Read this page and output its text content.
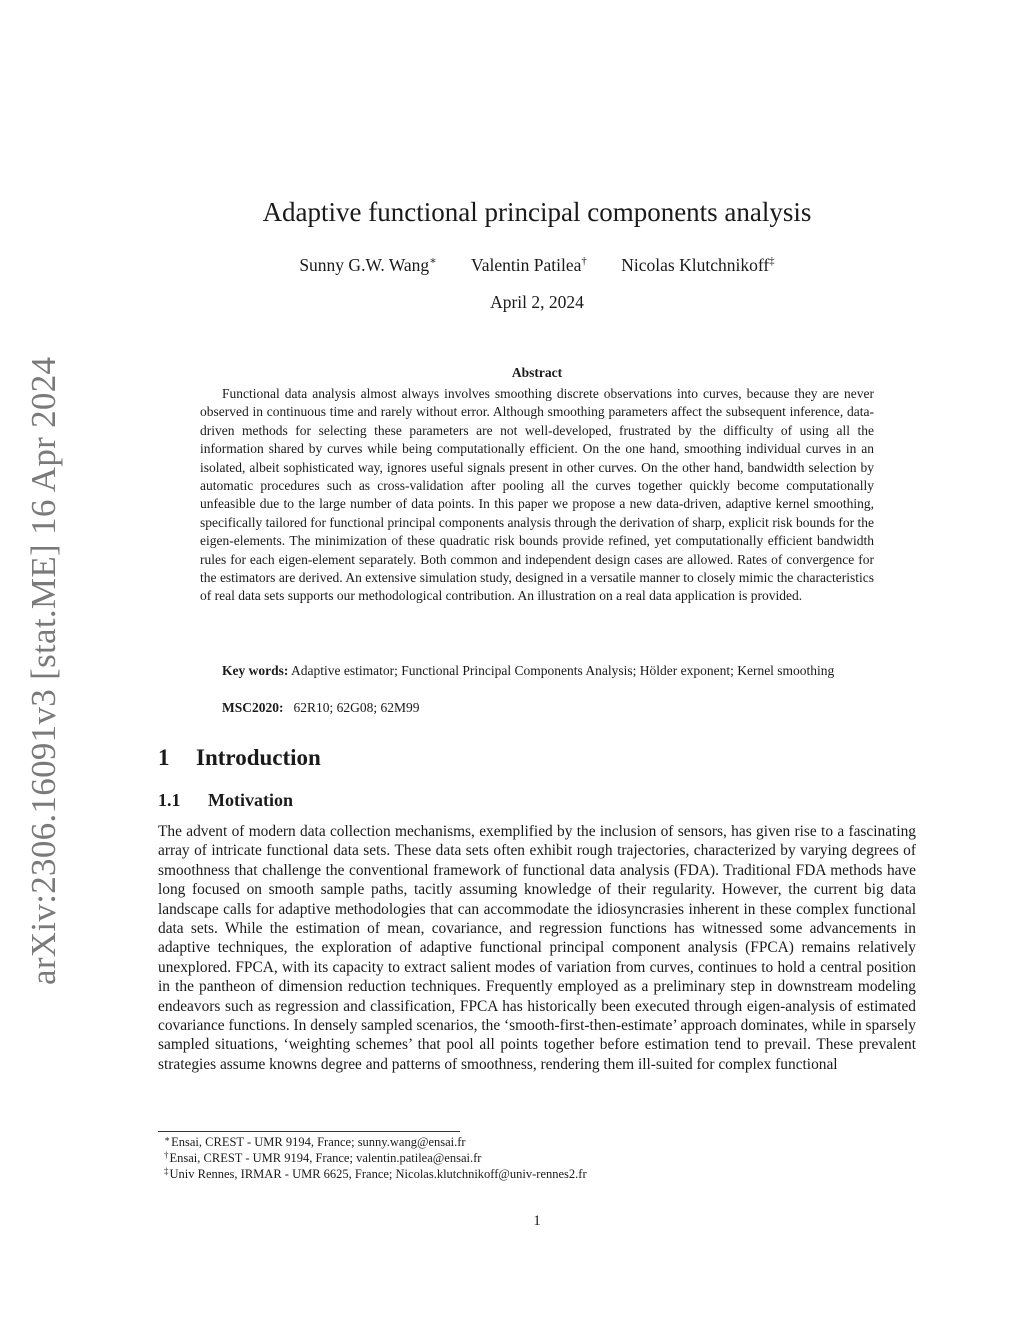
arXiv:2306.16091v3 [stat.ME] 16 Apr 2024
Adaptive functional principal components analysis
Sunny G.W. Wang∗ Valentin Patilea† Nicolas Klutchnikoff‡
April 2, 2024
Abstract

Functional data analysis almost always involves smoothing discrete observations into curves, because they are never observed in continuous time and rarely without error. Although smoothing parameters affect the subsequent inference, data-driven methods for selecting these parameters are not well-developed, frustrated by the difficulty of using all the information shared by curves while being computationally efficient. On the one hand, smoothing individual curves in an isolated, albeit sophisticated way, ignores useful signals present in other curves. On the other hand, bandwidth selection by automatic procedures such as cross-validation after pooling all the curves together quickly become computationally unfeasible due to the large number of data points. In this paper we propose a new data-driven, adaptive kernel smoothing, specifically tailored for functional principal components analysis through the derivation of sharp, explicit risk bounds for the eigen-elements. The minimization of these quadratic risk bounds provide refined, yet computationally efficient bandwidth rules for each eigen-element separately. Both common and independent design cases are allowed. Rates of convergence for the estimators are derived. An extensive simulation study, designed in a versatile manner to closely mimic the characteristics of real data sets supports our methodological contribution. An illustration on a real data application is provided.

Key words: Adaptive estimator; Functional Principal Components Analysis; Hölder exponent; Kernel smoothing

MSC2020: 62R10; 62G08; 62M99

1 Introduction
1.1 Motivation

The advent of modern data collection mechanisms, exemplified by the inclusion of sensors, has given rise to a fascinating array of intricate functional data sets. These data sets often exhibit rough trajectories, characterized by varying degrees of smoothness that challenge the conventional framework of functional data analysis (FDA). Traditional FDA methods have long focused on smooth sample paths, tacitly assuming knowledge of their regularity. However, the current big data landscape calls for adaptive methodologies that can accommodate the idiosyncrasies inherent in these complex functional data sets. While the estimation of mean, covariance, and regression functions has witnessed some advancements in adaptive techniques, the exploration of adaptive functional principal component analysis (FPCA) remains relatively unexplored. FPCA, with its capacity to extract salient modes of variation from curves, continues to hold a central position in the pantheon of dimension reduction techniques. Frequently employed as a preliminary step in downstream modeling endeavors such as regression and classification, FPCA has historically been executed through eigen-analysis of estimated covariance functions. In densely sampled scenarios, the ‘smooth-first-then-estimate’ approach dominates, while in sparsely sampled situations, ‘weighting schemes’ that pool all points together before estimation tend to prevail. These prevalent strategies assume knowns degree and patterns of smoothness, rendering them ill-suited for complex functional

∗Ensai, CREST - UMR 9194, France; sunny.wang@ensai.fr
†Ensai, CREST - UMR 9194, France; valentin.patilea@ensai.fr
‡Univ Rennes, IRMAR - UMR 6625, France; Nicolas.klutchnikoff@univ-rennes2.fr
1
